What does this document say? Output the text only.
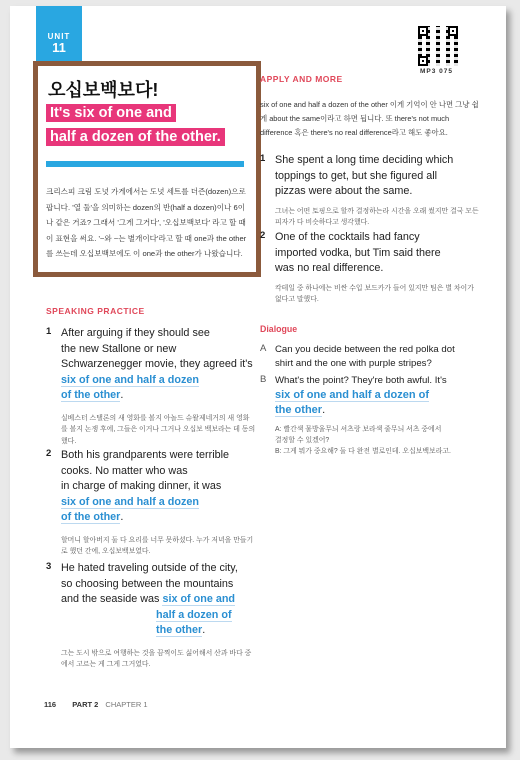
UNIT
11
MP3 075
오십보백보다!
It's six of one and
half a dozen of the other.
크리스피 크림 도넛 가게에서는 도넛 세트를 더즌(dozen)으로 팝니다. '열 둘'을 의미하는 dozen의 반(half a dozen)이나 6이나 같은 거죠? 그래서 '그게 그거다', '오십보백보다' 라고 할 때 이 표현을 써요. '~와 ~는 별개이다'라고 할 때 one과 the other를 쓰는데 오십보백보에도 이 one과 the other가 나왔습니다.
SPEAKING PRACTICE
1 After arguing if they should see
the new Stallone or new
Schwarzenegger movie, they agreed it's
six of one and half a dozen
of the other.
실베스터 스탤론의 새 영화를 볼지 아놀드 슈왈제네거의 새 영화를 볼지 논쟁 후에, 그들은 이거나 그거나 오십보 백보라는 데 동의했다.
2 Both his grandparents were terrible
cooks. No matter who was
in charge of making dinner, it was
six of one and half a dozen
of the other.
할머니 할아버지 둘 다 요리를 너무 못하셨다. 누가 저녁을 만들기로 했던 간에, 오십보백보였다.
3 He hated traveling outside of the city,
so choosing between the mountains
and the seaside was six of one and
half a dozen of
the other.
그는 도시 밖으로 여행하는 것을 끔찍이도 싫어해서 산과 바다 중에서 고르는 게 그게 그거였다.
APPLY AND MORE
six of one and half a dozen of the other 이게 기억이 안 나면 그냥 쉽게 about the same이라고 하면 됩니다. 또 there's not much difference 혹은 there's no real difference라고 해도 좋아요.
1 She spent a long time deciding which
toppings to get, but she figured all
pizzas were about the same.
그녀는 어떤 토핑으로 할까 결정하는라 시간을 오래 썼지만 결국 모든 피자가 다 비슷하다고 생각했다.
2 One of the cocktails had fancy
imported vodka, but Tim said there
was no real difference.
칵테일 중 하나에는 비싼 수입 보드카가 들어 있지만 팀은 별 차이가 없다고 말했다.
Dialogue
A Can you decide between the red polka dot
shirt and the one with purple stripes?
B What's the point? They're both awful. It's
six of one and half a dozen of
the other.
A: 빨간색 물방울무늬 셔츠랑 보라색 줄무늬 셔츠 중에서
결정할 수 있겠어?
B: 그게 뭐가 중요해? 둘 다 완전 별로인데. 오십보백보라고.
116 PART 2 CHAPTER 1
